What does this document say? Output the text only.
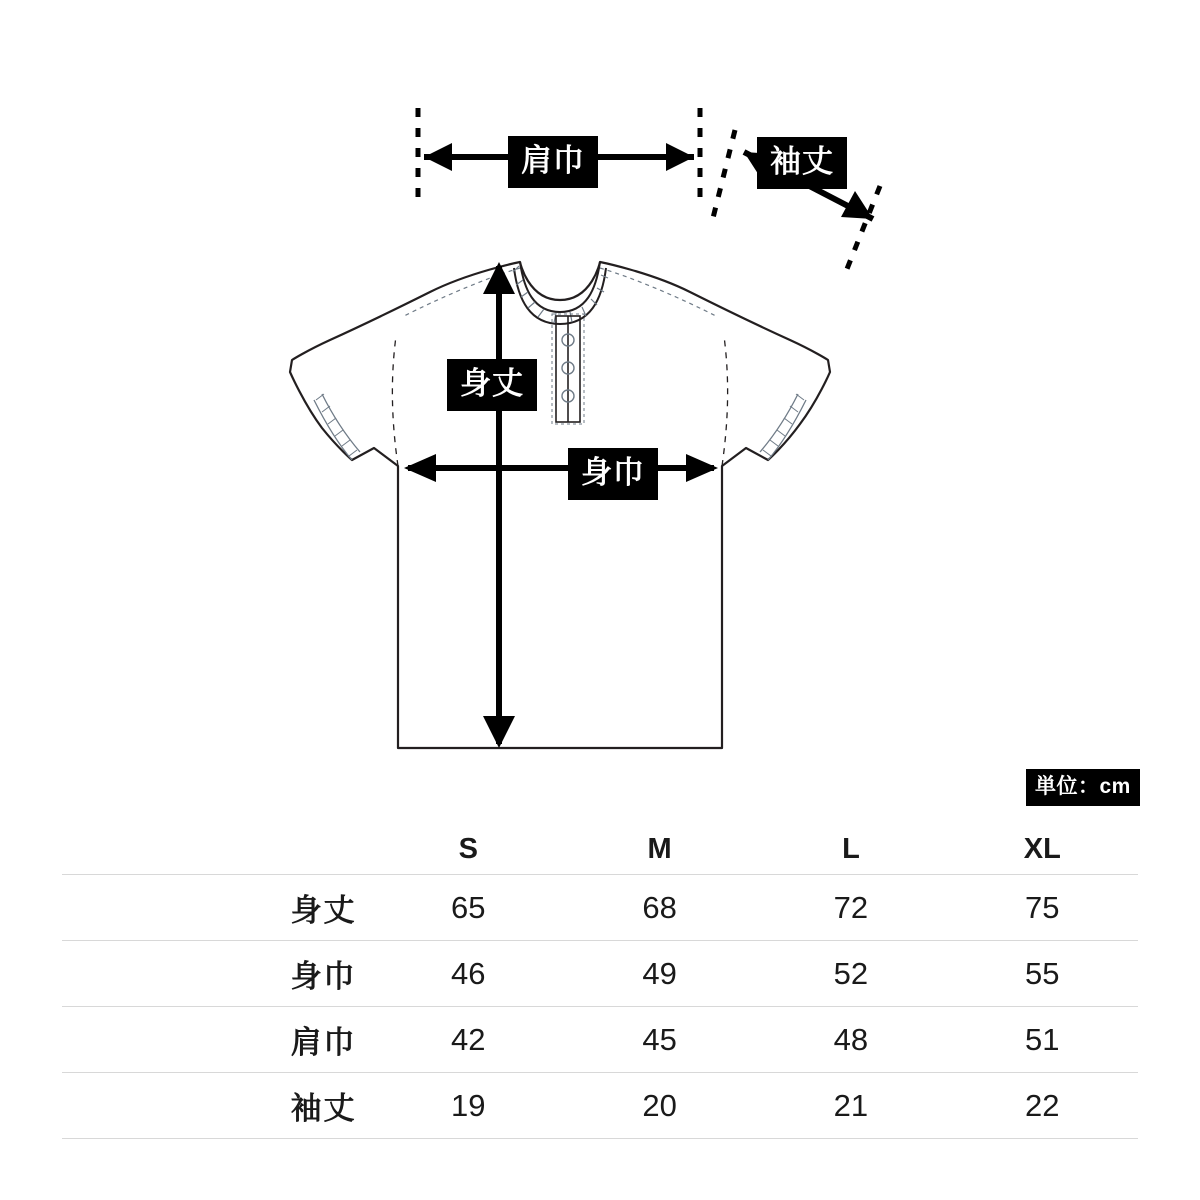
肩巾	袖丈
身丈
身巾
単位：cm
	S	M	L	XL
身丈	65	68	72	75
身巾	46	49	52	55
肩巾	42	45	48	51
袖丈	19	20	21	22
